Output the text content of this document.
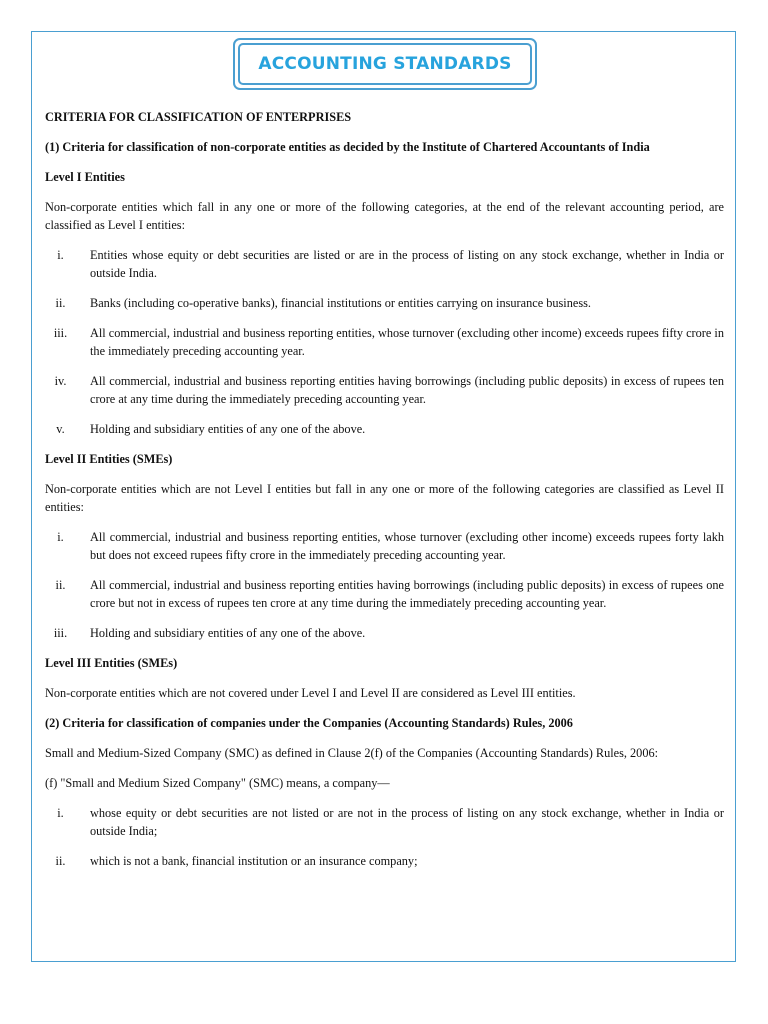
ACCOUNTING STANDARDS
CRITERIA FOR CLASSIFICATION OF ENTERPRISES
(1) Criteria for classification of non-corporate entities as decided by the Institute of Chartered Accountants of India
Level I Entities
Non-corporate entities which fall in any one or more of the following categories, at the end of the relevant accounting period, are classified as Level I entities:
i.	Entities whose equity or debt securities are listed or are in the process of listing on any stock exchange, whether in India or outside India.
ii.	Banks (including co-operative banks), financial institutions or entities carrying on insurance business.
iii.	All commercial, industrial and business reporting entities, whose turnover (excluding other income) exceeds rupees fifty crore in the immediately preceding accounting year.
iv.	All commercial, industrial and business reporting entities having borrowings (including public deposits) in excess of rupees ten crore at any time during the immediately preceding accounting year.
v.	Holding and subsidiary entities of any one of the above.
Level II Entities (SMEs)
Non-corporate entities which are not Level I entities but fall in any one or more of the following categories are classified as Level II entities:
i.	All commercial, industrial and business reporting entities, whose turnover (excluding other income) exceeds rupees forty lakh but does not exceed rupees fifty crore in the immediately preceding accounting year.
ii.	All commercial, industrial and business reporting entities having borrowings (including public deposits) in excess of rupees one crore but not in excess of rupees ten crore at any time during the immediately preceding accounting year.
iii.	Holding and subsidiary entities of any one of the above.
Level III Entities (SMEs)
Non-corporate entities which are not covered under Level I and Level II are considered as Level III entities.
(2) Criteria for classification of companies under the Companies (Accounting Standards) Rules, 2006
Small and Medium-Sized Company (SMC) as defined in Clause 2(f) of the Companies (Accounting Standards) Rules, 2006:
(f) "Small and Medium Sized Company" (SMC) means, a company—
i.	whose equity or debt securities are not listed or are not in the process of listing on any stock exchange, whether in India or outside India;
ii.	which is not a bank, financial institution or an insurance company;
